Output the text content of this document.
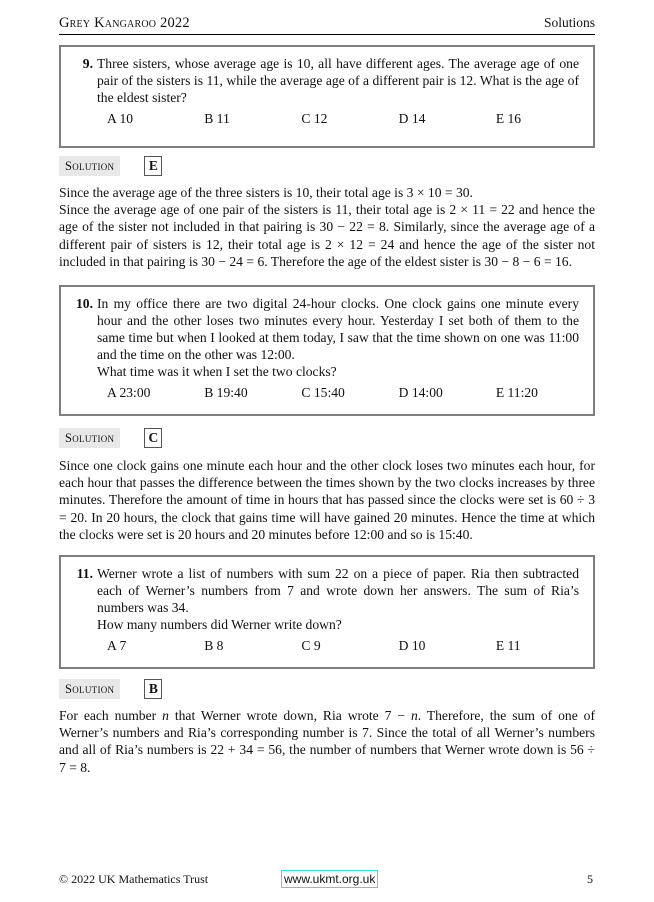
Grey Kangaroo 2022	Solutions
9. Three sisters, whose average age is 10, all have different ages. The average age of one pair of the sisters is 11, while the average age of a different pair is 12. What is the age of the eldest sister?
A 10	B 11	C 12	D 14	E 16
Solution	E

Since the average age of the three sisters is 10, their total age is 3 × 10 = 30.

Since the average age of one pair of the sisters is 11, their total age is 2 × 11 = 22 and hence the age of the sister not included in that pairing is 30 − 22 = 8. Similarly, since the average age of a different pair of sisters is 12, their total age is 2 × 12 = 24 and hence the age of the sister not included in that pairing is 30 − 24 = 6. Therefore the age of the eldest sister is 30 − 8 − 6 = 16.

10. In my office there are two digital 24-hour clocks. One clock gains one minute every hour and the other loses two minutes every hour. Yesterday I set both of them to the same time but when I looked at them today, I saw that the time shown on one was 11:00 and the time on the other was 12:00.
What time was it when I set the two clocks?
A 23:00	B 19:40	C 15:40	D 14:00	E 11:20
Solution	C

Since one clock gains one minute each hour and the other clock loses two minutes each hour, for each hour that passes the difference between the times shown by the two clocks increases by three minutes. Therefore the amount of time in hours that has passed since the clocks were set is 60 ÷ 3 = 20. In 20 hours, the clock that gains time will have gained 20 minutes. Hence the time at which the clocks were set is 20 hours and 20 minutes before 12:00 and so is 15:40.

11. Werner wrote a list of numbers with sum 22 on a piece of paper. Ria then subtracted each of Werner’s numbers from 7 and wrote down her answers. The sum of Ria’s numbers was 34.
How many numbers did Werner write down?
A 7	B 8	C 9	D 10	E 11
Solution	B

For each number n that Werner wrote down, Ria wrote 7 − n. Therefore, the sum of one of Werner’s numbers and Ria’s corresponding number is 7. Since the total of all Werner’s numbers and all of Ria’s numbers is 22 + 34 = 56, the number of numbers that Werner wrote down is 56 ÷ 7 = 8.

© 2022 UK Mathematics Trust	www.ukmt.org.uk	5
